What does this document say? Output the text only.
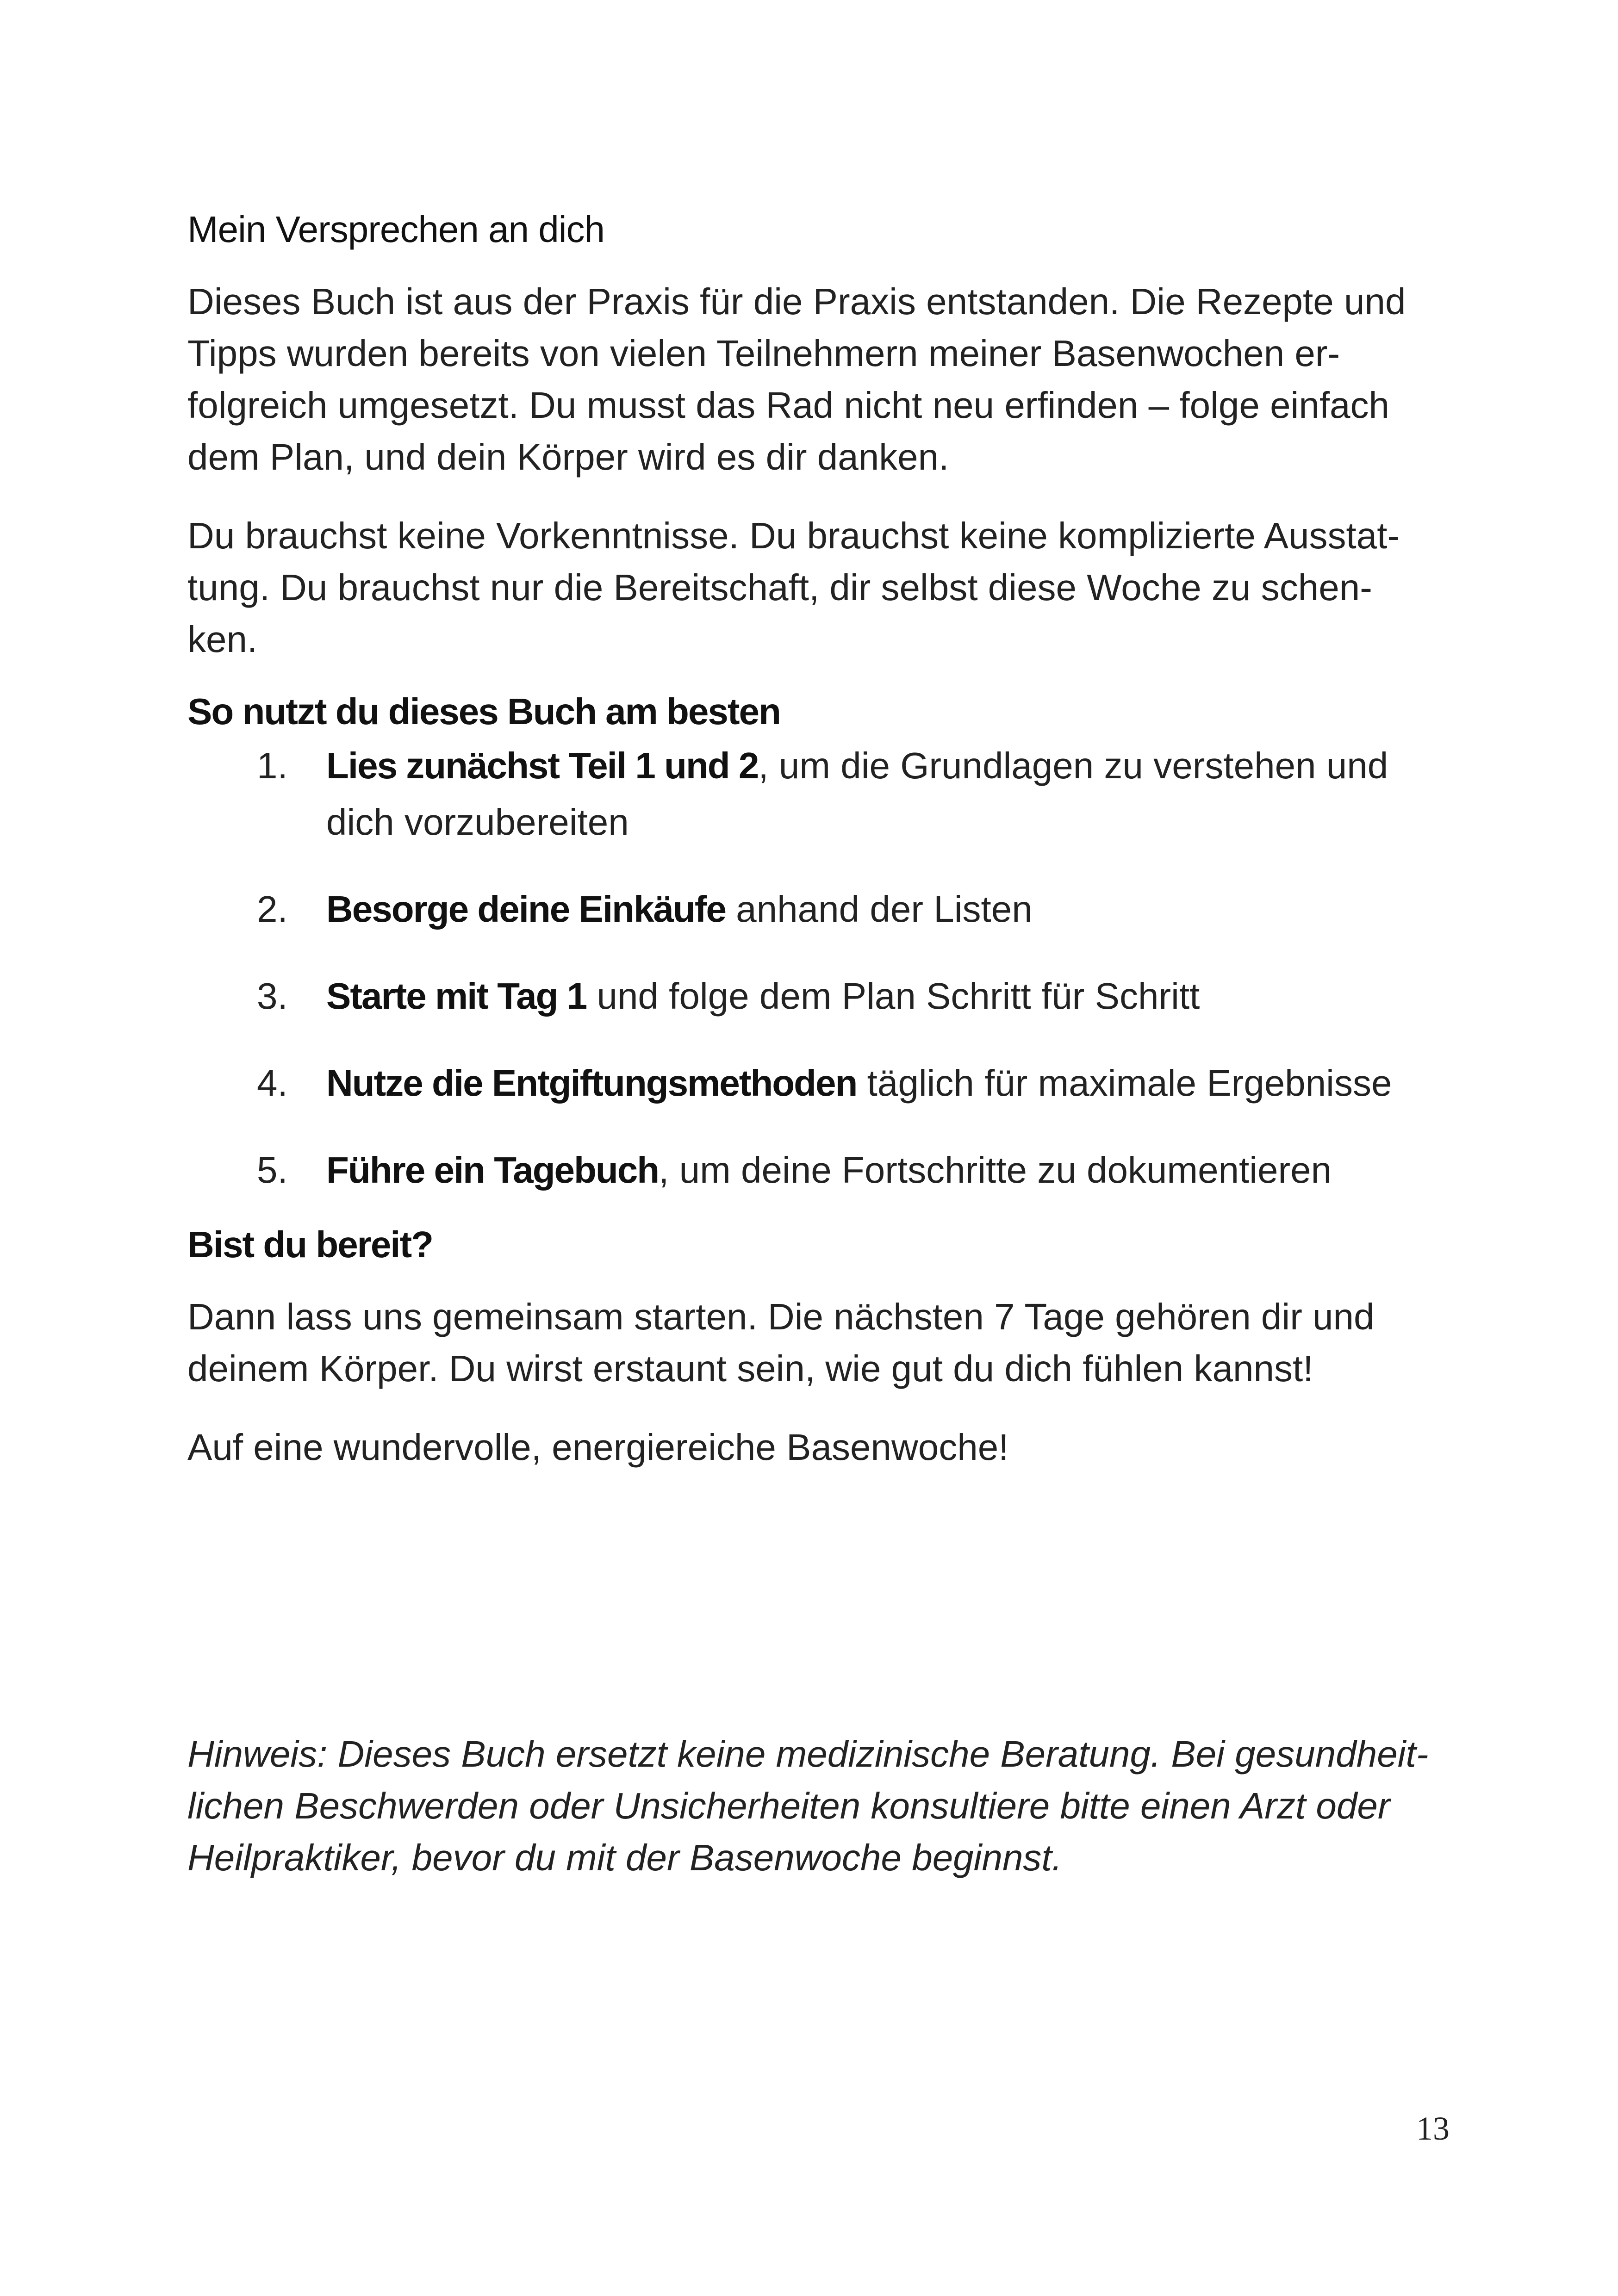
Mein Versprechen an dich

Dieses Buch ist aus der Praxis für die Praxis entstanden. Die Rezepte und
Tipps wurden bereits von vielen Teilnehmern meiner Basenwochen er-
folgreich umgesetzt. Du musst das Rad nicht neu erfinden – folge einfach
dem Plan, und dein Körper wird es dir danken.

Du brauchst keine Vorkenntnisse. Du brauchst keine komplizierte Ausstat-
tung. Du brauchst nur die Bereitschaft, dir selbst diese Woche zu schen-
ken.

So nutzt du dieses Buch am besten
1. Lies zunächst Teil 1 und 2, um die Grundlagen zu verstehen und
dich vorzubereiten
2. Besorge deine Einkäufe anhand der Listen
3. Starte mit Tag 1 und folge dem Plan Schritt für Schritt
4. Nutze die Entgiftungsmethoden täglich für maximale Ergebnisse
5. Führe ein Tagebuch, um deine Fortschritte zu dokumentieren
Bist du bereit?

Dann lass uns gemeinsam starten. Die nächsten 7 Tage gehören dir und
deinem Körper. Du wirst erstaunt sein, wie gut du dich fühlen kannst!

Auf eine wundervolle, energiereiche Basenwoche!

Hinweis: Dieses Buch ersetzt keine medizinische Beratung. Bei gesundheit-
lichen Beschwerden oder Unsicherheiten konsultiere bitte einen Arzt oder
Heilpraktiker, bevor du mit der Basenwoche beginnst.

13
